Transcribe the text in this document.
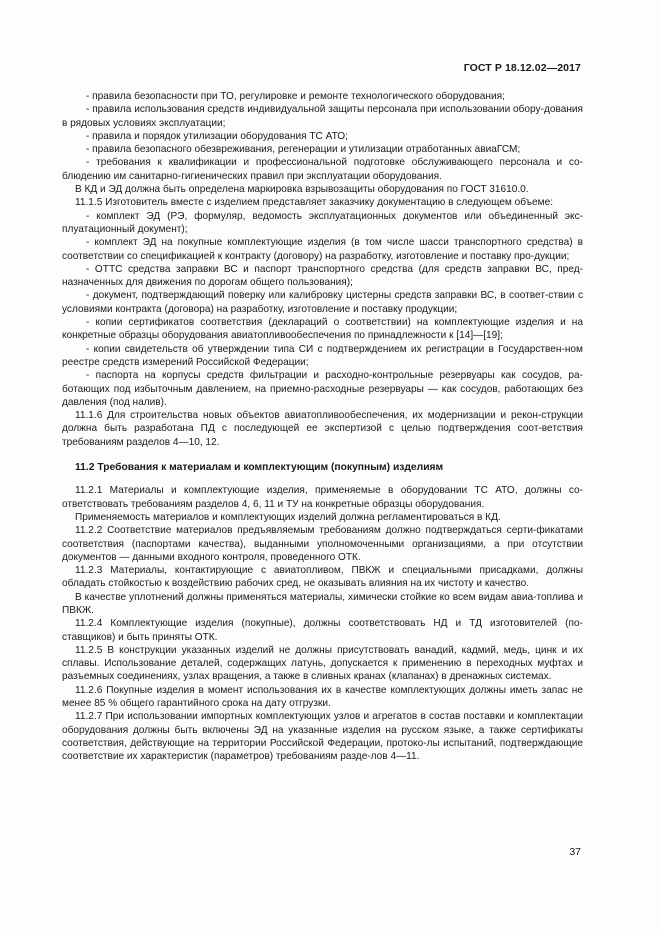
ГОСТ Р 18.12.02—2017

- правила безопасности при ТО, регулировке и ремонте технологического оборудования;

- правила использования средств индивидуальной защиты персонала при использовании обору-дования в рядовых условиях эксплуатации;

- правила и порядок утилизации оборудования ТС АТО;

- правила безопасного обезвреживания, регенерации и утилизации отработанных авиаГСМ;

- требования к квалификации и профессиональной подготовке обслуживающего персонала и со-блюдению им санитарно-гигиенических правил при эксплуатации оборудования.

В КД и ЭД должна быть определена маркировка взрывозащиты оборудования по ГОСТ 31610.0.

11.1.5 Изготовитель вместе с изделием представляет заказчику документацию в следующем объеме:

- комплект ЭД (РЭ, формуляр, ведомость эксплуатационных документов или объединенный экс-плуатационный документ);

- комплект ЭД на покупные комплектующие изделия (в том числе шасси транспортного средства) в соответствии со спецификацией к контракту (договору) на разработку, изготовление и поставку про-дукции;

- ОТТС средства заправки ВС и паспорт транспортного средства (для средств заправки ВС, пред-назначенных для движения по дорогам общего пользования);

- документ, подтверждающий поверку или калибровку цистерны средств заправки ВС, в соответ-ствии с условиями контракта (договора) на разработку, изготовление и поставку продукции;

- копии сертификатов соответствия (деклараций о соответствии) на комплектующие изделия и на конкретные образцы оборудования авиатопливообеспечения по принадлежности к [14]—[19];

- копии свидетельств об утверждении типа СИ с подтверждением их регистрации в Государствен-ном реестре средств измерений Российской Федерации;

- паспорта на корпусы средств фильтрации и расходно-контрольные резервуары как сосудов, ра-ботающих под избыточным давлением, на приемно-расходные резервуары — как сосудов, работающих без давления (под налив).

11.1.6 Для строительства новых объектов авиатопливообеспечения, их модернизации и рекон-струкции должна быть разработана ПД с последующей ее экспертизой с целью подтверждения соот-ветствия требованиям разделов 4—10, 12.

11.2 Требования к материалам и комплектующим (покупным) изделиям

11.2.1 Материалы и комплектующие изделия, применяемые в оборудовании ТС АТО, должны со-ответствовать требованиям разделов 4, 6, 11 и ТУ на конкретные образцы оборудования.

Применяемость материалов и комплектующих изделий должна регламентироваться в КД.

11.2.2 Соответствие материалов предъявляемым требованиям должно подтверждаться серти-фикатами соответствия (паспортами качества), выданными уполномоченными организациями, а при отсутствии документов — данными входного контроля, проведенного ОТК.

11.2.3 Материалы, контактирующие с авиатопливом, ПВКЖ и специальными присадками, должны обладать стойкостью к воздействию рабочих сред, не оказывать влияния на их чистоту и качество.

В качестве уплотнений должны применяться материалы, химически стойкие ко всем видам авиа-топлива и ПВКЖ.

11.2.4 Комплектующие изделия (покупные), должны соответствовать НД и ТД изготовителей (по-ставщиков) и быть приняты ОТК.

11.2.5 В конструкции указанных изделий не должны присутствовать ванадий, кадмий, медь, цинк и их сплавы. Использование деталей, содержащих латунь, допускается к применению в переходных муфтах и разъемных соединениях, узлах вращения, а также в сливных кранах (клапанах) в дренажных системах.

11.2.6 Покупные изделия в момент использования их в качестве комплектующих должны иметь запас не менее 85 % общего гарантийного срока на дату отгрузки.

11.2.7 При использовании импортных комплектующих узлов и агрегатов в состав поставки и комплектации оборудования должны быть включены ЭД на указанные изделия на русском языке, а также сертификаты соответствия, действующие на территории Российской Федерации, протоко-лы испытаний, подтверждающие соответствие их характеристик (параметров) требованиям разде-лов 4—11.

37
